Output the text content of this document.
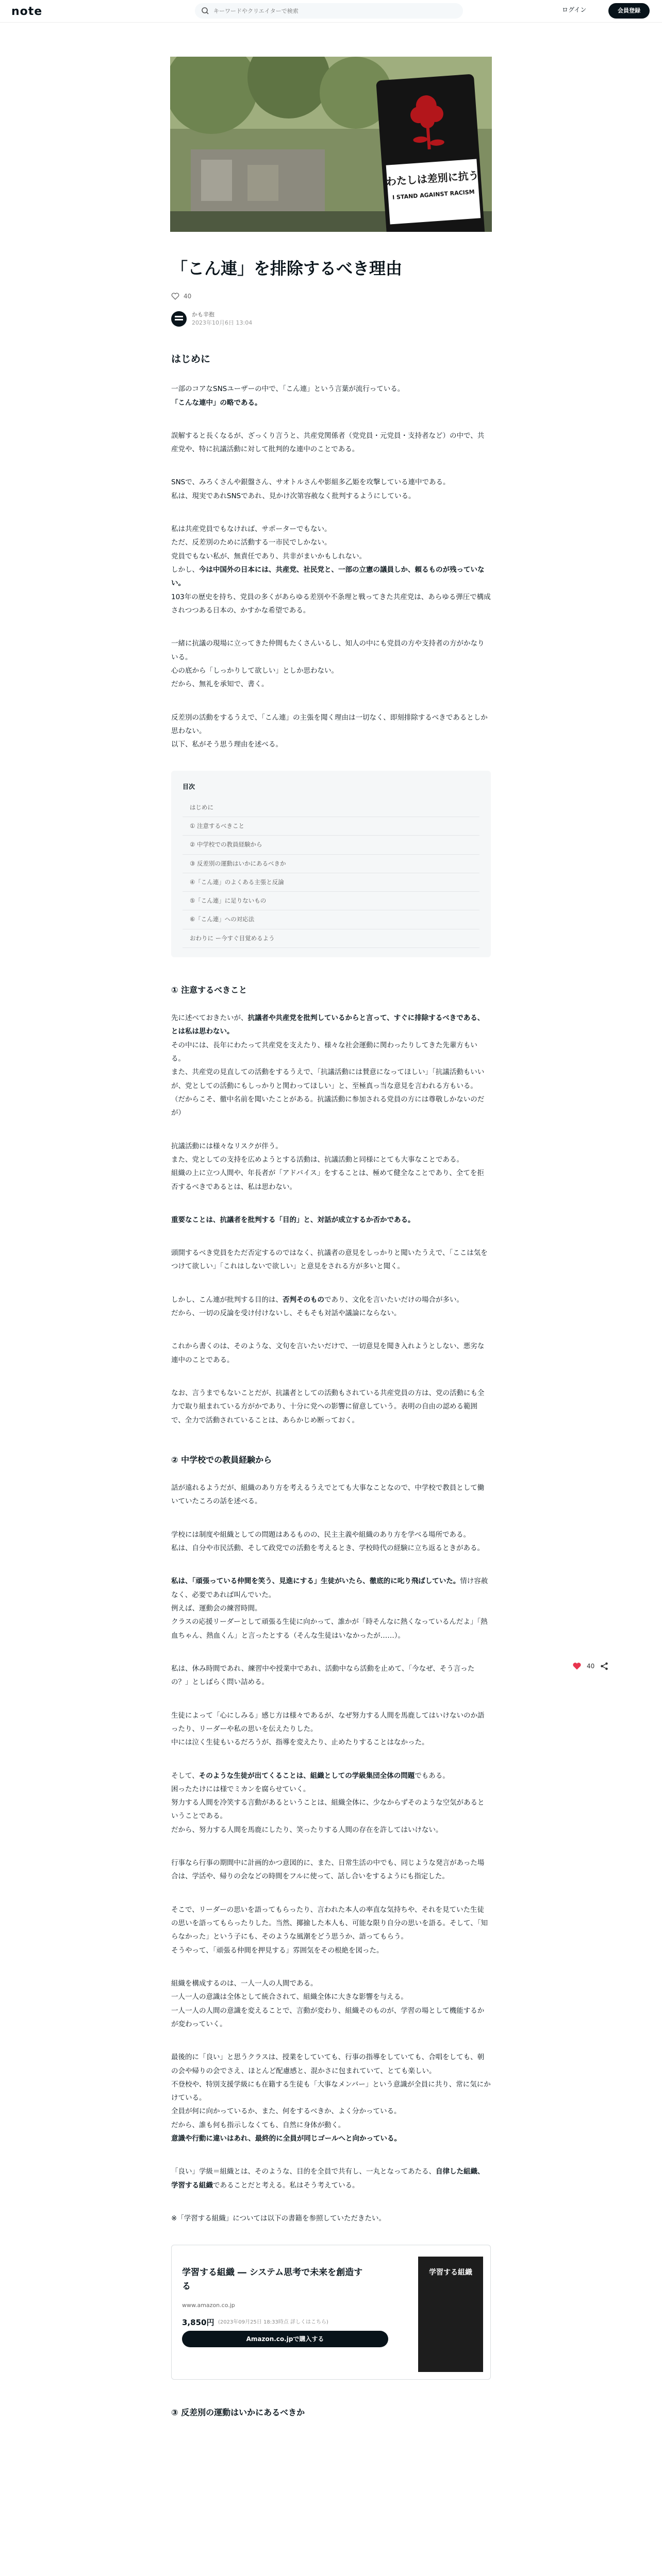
note
キーワードやクリエイターで検索	ログイン	会員登録
わたしは差別に抗う
I STAND AGAINST RACISM
「こん連」を排除するべき理由
40
かも辛抱
2023年10月6日 13:04
はじめに

一部のコアなSNSユーザーの中で、「こん連」という言葉が流行っている。
「こんな連中」の略である。

誤解すると長くなるが、ざっくり言うと、共産党関係者（党党員・元党員・支持者など）の中で、共産党や、特に抗議活動に対して批判的な連中のことである。

SNSで、みろくさんや銀盤さん、サオトルさんや影組多乙姫を攻撃している連中である。
私は、現実であれSNSであれ、見かけ次第容赦なく批判するようにしている。

私は共産党員でもなければ、サポーターでもない。
ただ、反差別のために活動する一市民でしかない。
党員でもない私が、無責任であり、共非がまいかもしれない。
しかし、今は中国外の日本には、共産党、社民党と、一部の立憲の議員しか、頼るものが残っていない。
103年の歴史を持ち、党員の多くがあらゆる差別や不条理と戦ってきた共産党は、あらゆる弾圧で構成されつつある日本の、かすかな希望である。

一緒に抗議の現場に立ってきた仲間もたくさんいるし、知人の中にも党員の方や支持者の方がかなりいる。
心の底から「しっかりして欲しい」としか思わない。
だから、無礼を承知で、書く。

反差別の活動をするうえで、「こん連」の主張を聞く理由は一切なく、即刻排除するべきであるとしか思わない。
以下、私がそう思う理由を述べる。

目次
はじめに
① 注意するべきこと
② 中学校での教員経験から
③ 反差別の運動はいかにあるべきか
④「こん連」のよくある主張と反論
⑤「こん連」に足りないもの
⑥「こん連」への対応法
おわりに ー今すぐ目覚めるよう
① 注意するべきこと

先に述べておきたいが、抗議者や共産党を批判しているからと言って、すぐに排除するべきである、とは私は思わない。
その中には、長年にわたって共産党を支えたり、様々な社会運動に関わったりしてきた先輩方もいる。
また、共産党の見直しての活動をするうえで、「抗議活動には賛意になってほしい」「抗議活動もいいが、党としての活動にもしっかりと関わってほしい」と、至極真っ当な意見を言われる方もいる。
（だからこそ、徹中名前を聞いたことがある。抗議活動に参加される党員の方には尊敬しかないのだが）

抗議活動には様々なリスクが伴う。
また、党としての支持を広めようとする活動は、抗議活動と同様にとても大事なことである。
組織の上に立つ人間や、年長者が「アドバイス」をすることは、極めて健全なことであり、全てを拒否するべきであるとは、私は思わない。

重要なことは、抗議者を批判する「目的」と、対話が成立するか否かである。

頭開するべき党員をただ否定するのではなく、抗議者の意見をしっかりと聞いたうえで、「ここは気をつけて欲しい」「これはしないで欲しい」と意見をされる方が多いと聞く。

しかし、こん連が批判する目的は、否判そのものであり、文化を言いたいだけの場合が多い。
だから、一切の反論を受け付けないし、そもそも対話や議論にならない。

これから書くのは、そのような、文句を言いたいだけで、一切意見を聞き入れようとしない、悪劣な連中のことである。

なお、言うまでもないことだが、抗議者としての活動もされている共産党員の方は、党の活動にも全力で取り組まれている方がかであり、十分に党への影響に留意していう。表明の自由の認める範囲で、全力で活動されていることは、あらかじめ断っておく。

② 中学校での教員経験から

話が遠れるようだが、組織のあり方を考えるうえでとても大事なことなので、中学校で教員として働いていたころの話を述べる。

学校には制度や組織としての問題はあるものの、民主主義や組織のあり方を学べる場所である。
私は、自分や市民活動、そして政党での活動を考えるとき、学校時代の経験に立ち返るときがある。

私は、「頑張っている仲間を笑う、見進にする」生徒がいたら、徹底的に叱り飛ばしていた。情け容赦なく、必要であれば叫んでいた。
例えば、運動会の練習時間。
クラスの応援リーダーとして頑張る生徒に向かって、誰かが「時そんなに熱くなっているんだよ」「熱血ちゃん、熱血くん」と言ったとする（そんな生徒はいなかったが……）。

私は、休み時間であれ、練習中や授業中であれ、活動中なら活動を止めて、「今なぜ、そう言ったの？」としばらく問い詰める。

生徒によって「心にしみる」感じ方は様々であるが、なぜ努力する人間を馬鹿してはいけないのか語ったり、リーダーや私の思いを伝えたりした。
中には泣く生徒もいるだろうが、指導を変えたり、止めたりすることはなかった。

そして、そのような生徒が出てくることは、組織としての学級集団全体の問題でもある。
困ったたけには様でミカンを腐らせていく。
努力する人間を冷笑する言動があるということは、組織全体に、少なからずそのような空気があるということである。
だから、努力する人間を馬鹿にしたり、笑ったりする人間の存在を許してはいけない。

行事なら行事の期間中に計画的かつ意図的に、また、日常生活の中でも、同じような発言があった場合は、学活や、帰りの会などの時間をフルに使って、話し合いをするようにも指定した。

そこで、リーダーの思いを語ってもらったり、言われた本人の率直な気持ちや、それを見ていた生徒の思いを語ってもらったりした。当然、揶揄した本人も、可能な限り自分の思いを語る。そして、「知らなかった」という子にも、そのような風潮をどう思うか、語ってもらう。
そうやって、「頑張る仲間を押見する」雰囲気をその根絶を図った。

組織を構成するのは、一人一人の人間である。
一人一人の意識は全体として統合されて、組織全体に大きな影響を与える。
一人一人の人間の意識を変えることで、言動が変わり、組織そのものが、学習の場として機能するかが変わっていく。

最後的に「良い」と思うクラスは、授業をしていても、行事の指導をしていても、合唱をしても、朝の会や帰りの会でさえ、ほとんど配慮感と、混かさに包まれていて、とても楽しい。
不登校や、特別支援学級にも在籍する生徒も「大事なメンバー」という意識が全員に共り、常に気にかけている。
全員が何に向かっているか、また、何をするべきか、よく分かっている。
だから、誰も何も指示しなくても、自然に身体が動く。
意識や行動に違いはあれ、最終的に全員が同じゴールへと向かっている。

「良い」学級＝組織とは、そのような、目的を全員で共有し、一丸となってあたる、自律した組織、学習する組織であることだと考える。私はそう考えている。

※「学習する組織」については以下の書籍を参照していただきたい。

学習する組織 ― システム思考で未来を創造する
www.amazon.co.jp
3,850円 (2023年09月25日 18:33時点 詳しくはこちら)
Amazon.co.jpで購入する
学習する組織
③ 反差別の運動はいかにあるべきか
40
